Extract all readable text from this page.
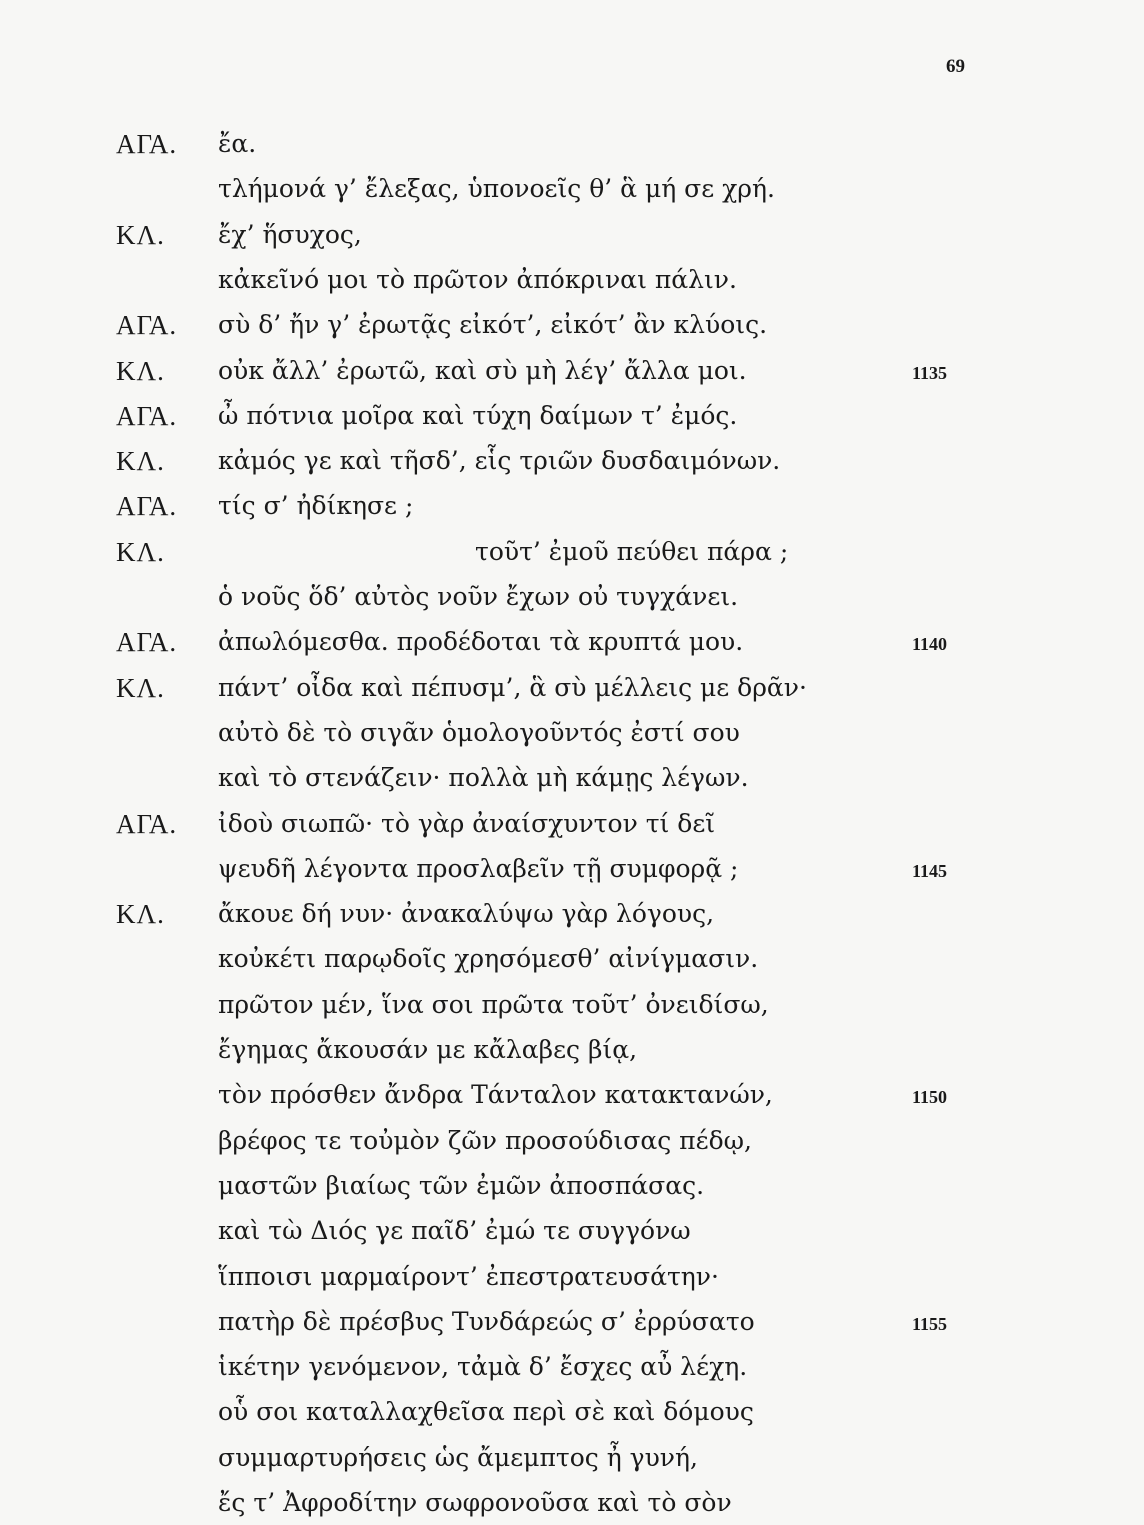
69
ΑΓΑ. ἔα.
τλήμονά γ’ ἔλεξας, ὑπονοεῖς θ’ ἃ μή σε χρή.
ΚΛ. ἔχ’ ἥσυχος,
κἀκεῖνό μοι τὸ πρῶτον ἀπόκριναι πάλιν.
ΑΓΑ. σὺ δ’ ἤν γ’ ἐρωτᾷς εἰκότ’, εἰκότ’ ἂν κλύοις.
ΚΛ. οὐκ ἄλλ’ ἐρωτῶ, καὶ σὺ μὴ λέγ’ ἄλλα μοι.	1135
ΑΓΑ. ὦ πότνια μοῖρα καὶ τύχη δαίμων τ’ ἐμός.
ΚΛ. κἀμός γε καὶ τῆσδ’, εἷς τριῶν δυσδαιμόνων.
ΑΓΑ. τίς σ’ ἠδίκησε ;
ΚΛ.	τοῦτ’ ἐμοῦ πεύθει πάρα ;
ὁ νοῦς ὅδ’ αὐτὸς νοῦν ἔχων οὐ τυγχάνει.
ΑΓΑ. ἀπωλόμεσθα. προδέδοται τὰ κρυπτά μου.	1140
ΚΛ. πάντ’ οἶδα καὶ πέπυσμ’, ἃ σὺ μέλλεις με δρᾶν·
αὐτὸ δὲ τὸ σιγᾶν ὁμολογοῦντός ἐστί σου
καὶ τὸ στενάζειν· πολλὰ μὴ κάμῃς λέγων.
ΑΓΑ. ἰδοὺ σιωπῶ· τὸ γὰρ ἀναίσχυντον τί δεῖ
ψευδῆ λέγοντα προσλαβεῖν τῇ συμφορᾷ ;	1145
ΚΛ. ἄκουε δή νυν· ἀνακαλύψω γὰρ λόγους,
κοὐκέτι παρῳδοῖς χρησόμεσθ’ αἰνίγμασιν.
πρῶτον μέν, ἵνα σοι πρῶτα τοῦτ’ ὀνειδίσω,
ἔγημας ἄκουσάν με κἄλαβες βίᾳ,
τὸν πρόσθεν ἄνδρα Τάνταλον κατακτανών,	1150
βρέφος τε τοὐμὸν ζῶν προσούδισας πέδῳ,
μαστῶν βιαίως τῶν ἐμῶν ἀποσπάσας.
καὶ τὼ Διός γε παῖδ’ ἐμώ τε συγγόνω
ἵπποισι μαρμαίροντ’ ἐπεστρατευσάτην·
πατὴρ δὲ πρέσβυς Τυνδάρεώς σ’ ἐρρύσατο	1155
ἱκέτην γενόμενον, τἀμὰ δ’ ἔσχες αὖ λέχη.
οὗ σοι καταλλαχθεῖσα περὶ σὲ καὶ δόμους
συμμαρτυρήσεις ὡς ἄμεμπτος ἦ γυνή,
ἔς τ’ Ἀφροδίτην σωφρονοῦσα καὶ τὸ σὸν
